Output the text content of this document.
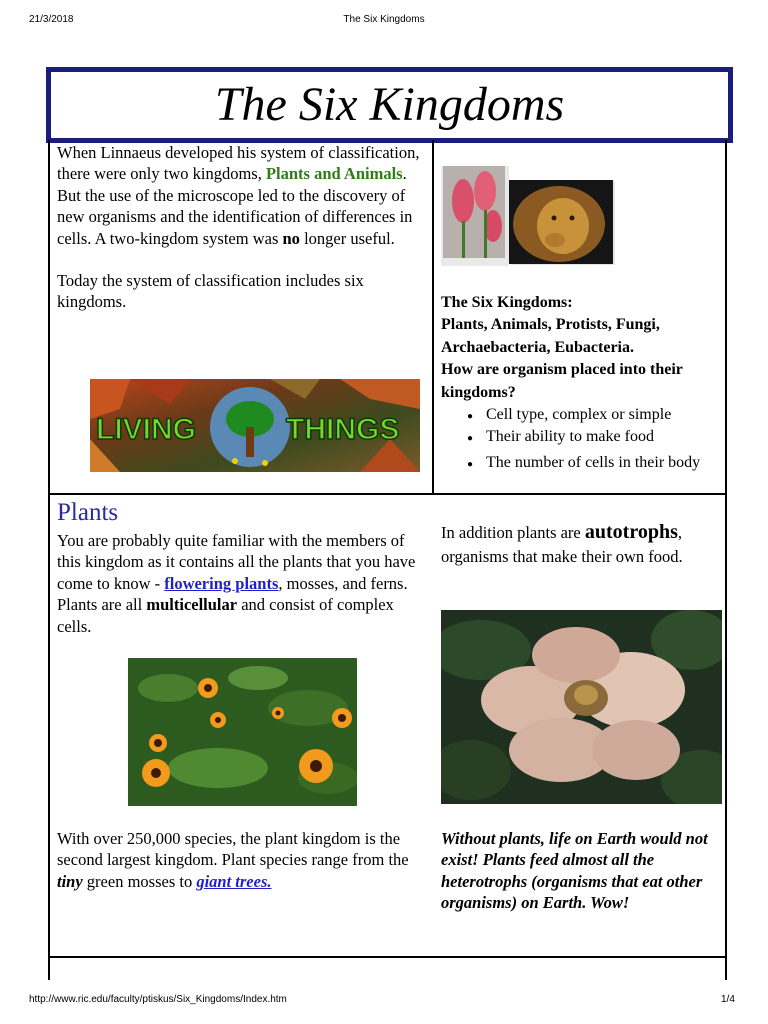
21/3/2018	The Six Kingdoms
The Six Kingdoms

When Linnaeus developed his system of classification, there were only two kingdoms, Plants and Animals. But the use of the microscope led to the discovery of new organisms and the identification of differences in cells. A two-kingdom system was no longer useful.

Today the system of classification includes six kingdoms.

LIVING	THINGS

The Six Kingdoms:

Plants, Animals, Protists, Fungi, Archaebacteria, Eubacteria.

How are organism placed into their kingdoms?

● Cell type, complex or simple
● Their ability to make food
● The number of cells in their body
Plants

You are probably quite familiar with the members of this kingdom as it contains all the plants that you have come to know - flowering plants, mosses, and ferns. Plants are all multicellular and consist of complex cells.

In addition plants are autotrophs, organisms that make their own food.

With over 250,000 species, the plant kingdom is the second largest kingdom. Plant species range from the tiny green mosses to giant trees.

Without plants, life on Earth would not exist! Plants feed almost all the heterotrophs (organisms that eat other organisms) on Earth. Wow!
http://www.ric.edu/faculty/ptiskus/Six_Kingdoms/Index.htm	1/4
